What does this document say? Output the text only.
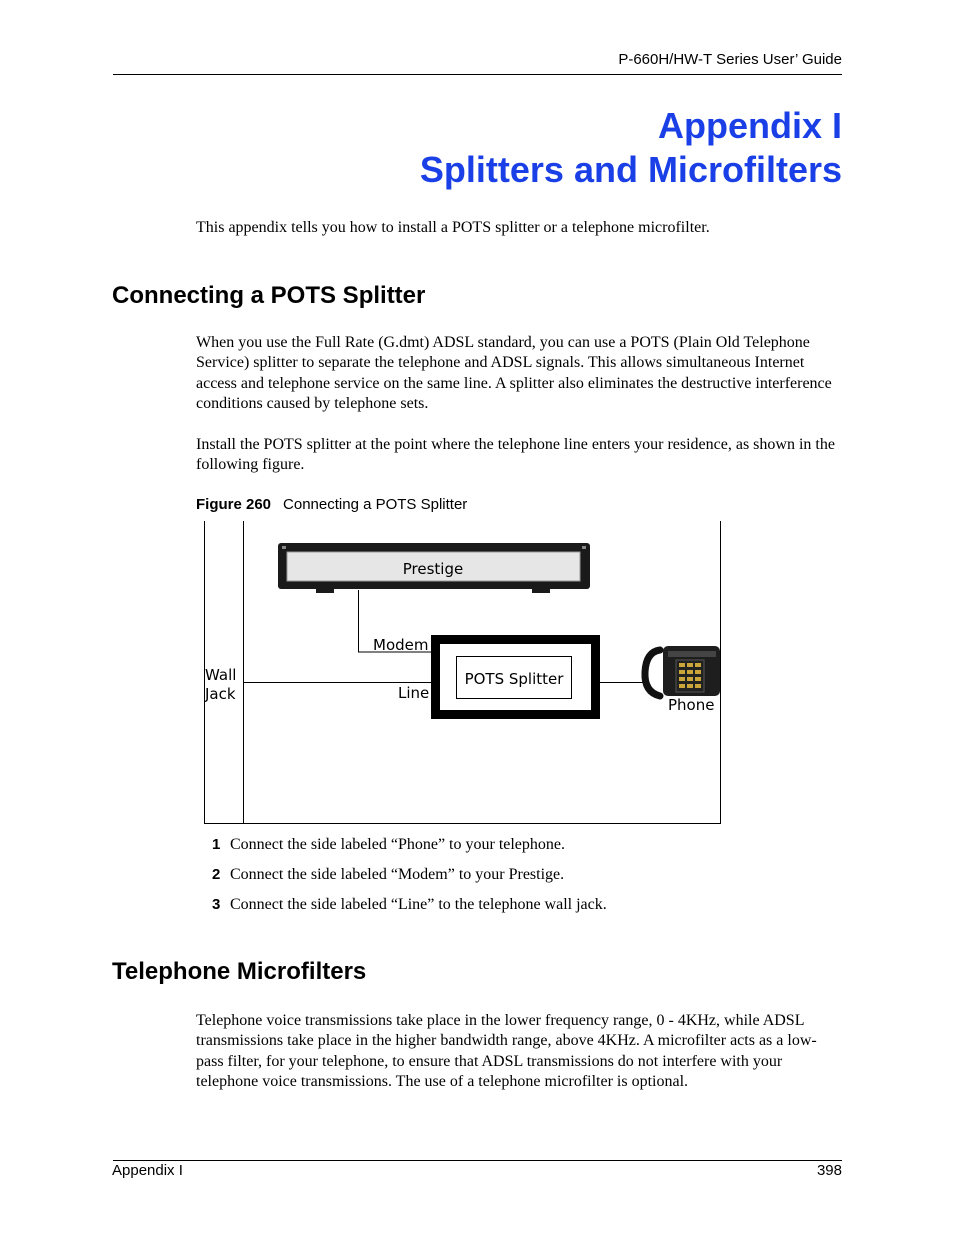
P-660H/HW-T Series User’ Guide
Appendix I
Splitters and Microfilters
This appendix tells you how to install a POTS splitter or a telephone microfilter.
Connecting a POTS Splitter
When you use the Full Rate (G.dmt) ADSL standard, you can use a POTS (Plain Old Telephone Service) splitter to separate the telephone and ADSL signals. This allows simultaneous Internet access and telephone service on the same line. A splitter also eliminates the destructive interference conditions caused by telephone sets.
Install the POTS splitter at the point where the telephone line enters your residence, as shown in the following figure.
Figure 260 Connecting a POTS Splitter
Prestige
POTS Splitter
Modem
Wall
Jack	Line
Phone
1 Connect the side labeled “Phone” to your telephone.
2 Connect the side labeled “Modem” to your Prestige.
3 Connect the side labeled “Line” to the telephone wall jack.
Telephone Microfilters
Telephone voice transmissions take place in the lower frequency range, 0 - 4KHz, while ADSL transmissions take place in the higher bandwidth range, above 4KHz. A microfilter acts as a low-pass filter, for your telephone, to ensure that ADSL transmissions do not interfere with your telephone voice transmissions. The use of a telephone microfilter is optional.
Appendix I	398
